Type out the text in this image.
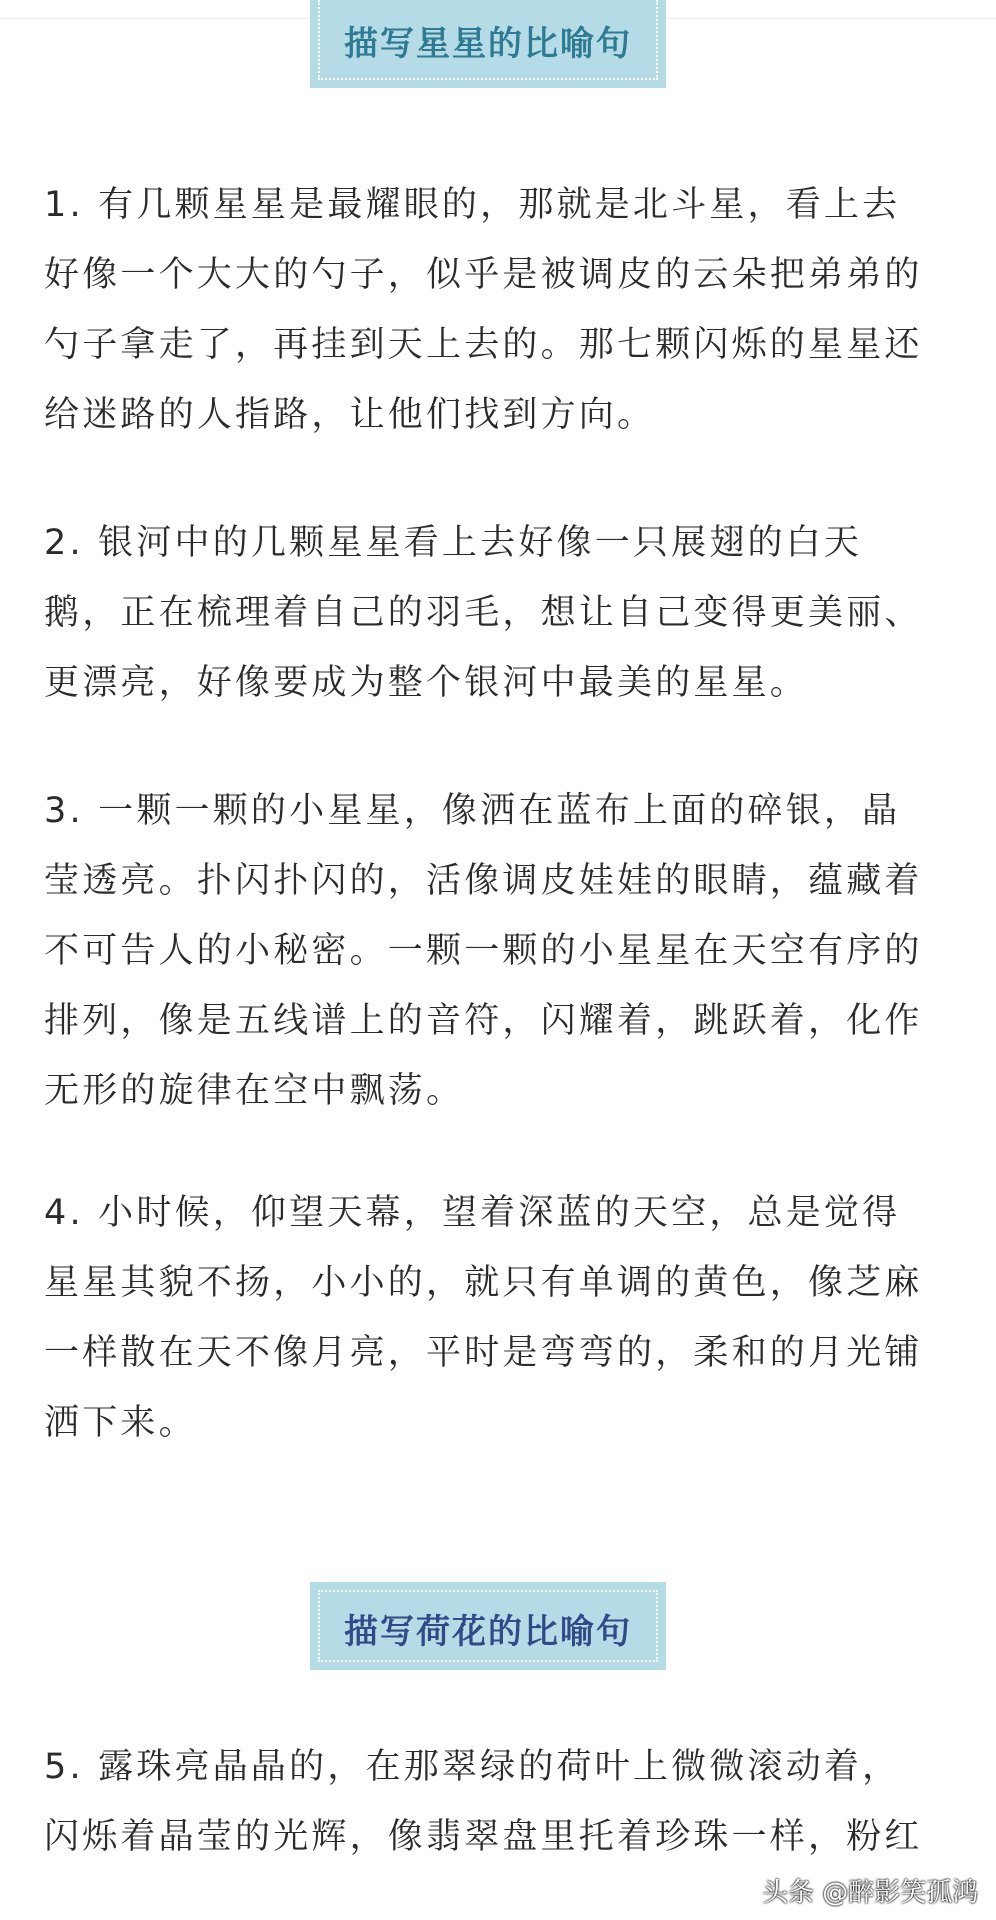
描写星星的比喻句
1. 有几颗星星是最耀眼的，那就是北斗星，看上去
好像一个大大的勺子，似乎是被调皮的云朵把弟弟的
勺子拿走了，再挂到天上去的。那七颗闪烁的星星还
给迷路的人指路，让他们找到方向。
2. 银河中的几颗星星看上去好像一只展翅的白天
鹅，正在梳理着自己的羽毛，想让自己变得更美丽、
更漂亮，好像要成为整个银河中最美的星星。
3. 一颗一颗的小星星，像洒在蓝布上面的碎银，晶
莹透亮。扑闪扑闪的，活像调皮娃娃的眼睛，蕴藏着
不可告人的小秘密。一颗一颗的小星星在天空有序的
排列，像是五线谱上的音符，闪耀着，跳跃着，化作
无形的旋律在空中飘荡。
4. 小时候，仰望天幕，望着深蓝的天空，总是觉得
星星其貌不扬，小小的，就只有单调的黄色，像芝麻
一样散在天不像月亮，平时是弯弯的，柔和的月光铺
洒下来。
描写荷花的比喻句
5. 露珠亮晶晶的，在那翠绿的荷叶上微微滚动着，
闪烁着晶莹的光辉，像翡翠盘里托着珍珠一样，粉红
头条 @醉影笑孤鸿
